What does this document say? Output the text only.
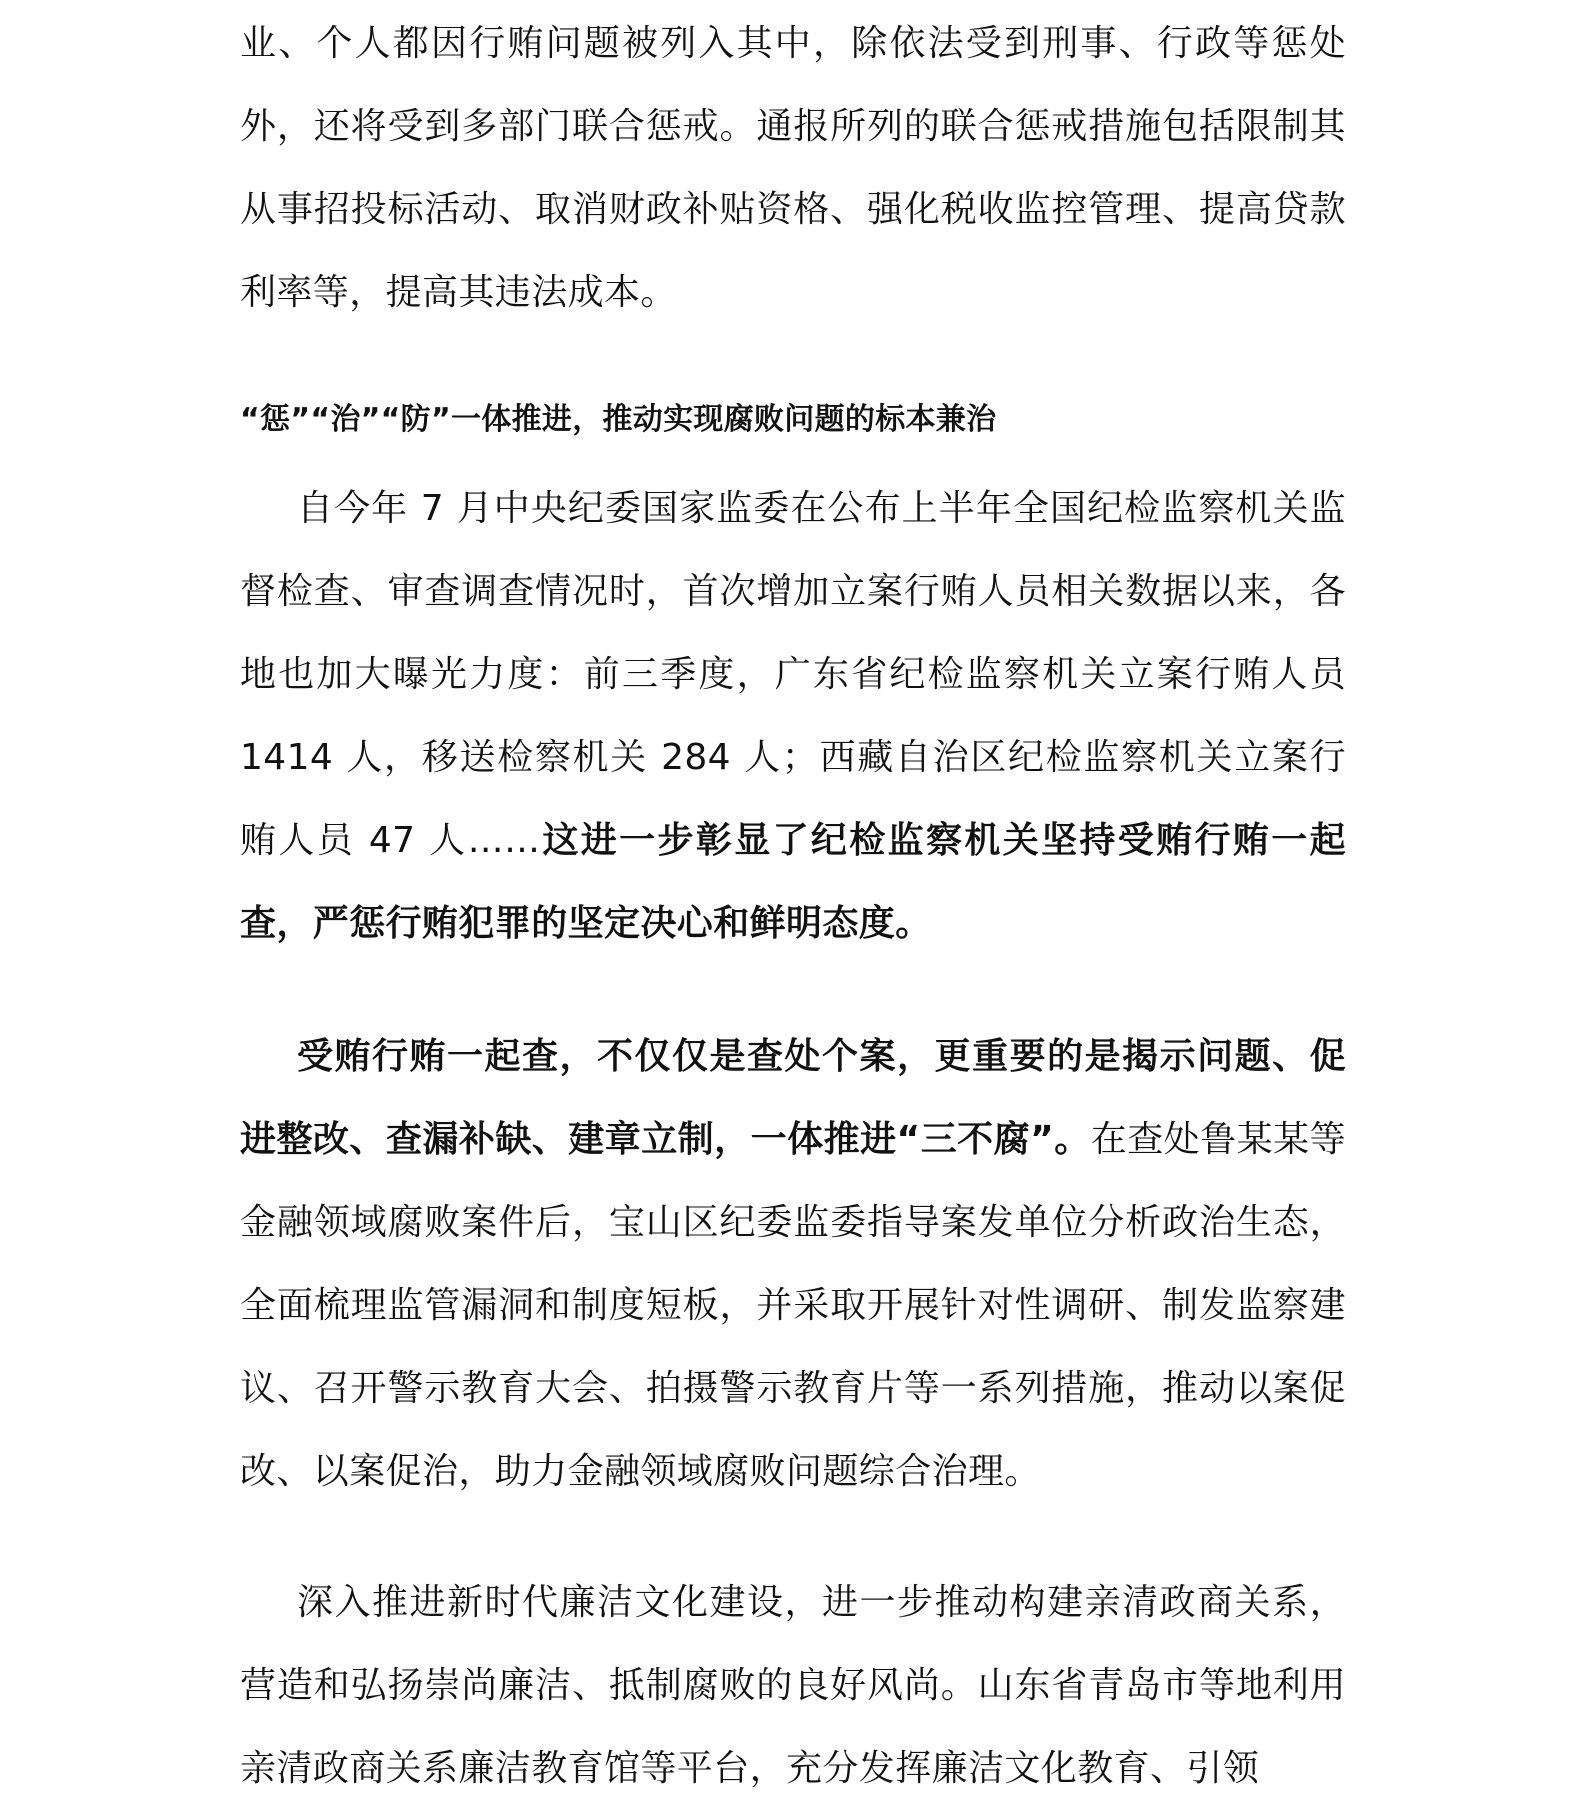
业、个人都因行贿问题被列入其中，除依法受到刑事、行政等惩处外，还将受到多部门联合惩戒。通报所列的联合惩戒措施包括限制其从事招投标活动、取消财政补贴资格、强化税收监控管理、提高贷款利率等，提高其违法成本。

“惩”“治”“防”一体推进，推动实现腐败问题的标本兼治

自今年 7 月中央纪委国家监委在公布上半年全国纪检监察机关监督检查、审查调查情况时，首次增加立案行贿人员相关数据以来，各地也加大曝光力度：前三季度，广东省纪检监察机关立案行贿人员 1414 人，移送检察机关 284 人；西藏自治区纪检监察机关立案行贿人员 47 人……这进一步彰显了纪检监察机关坚持受贿行贿一起查，严惩行贿犯罪的坚定决心和鲜明态度。

受贿行贿一起查，不仅仅是查处个案，更重要的是揭示问题、促进整改、查漏补缺、建章立制，一体推进“三不腐”。在查处鲁某某等金融领域腐败案件后，宝山区纪委监委指导案发单位分析政治生态，全面梳理监管漏洞和制度短板，并采取开展针对性调研、制发监察建议、召开警示教育大会、拍摄警示教育片等一系列措施，推动以案促改、以案促治，助力金融领域腐败问题综合治理。

深入推进新时代廉洁文化建设，进一步推动构建亲清政商关系，营造和弘扬崇尚廉洁、抵制腐败的良好风尚。山东省青岛市等地利用亲清政商关系廉洁教育馆等平台，充分发挥廉洁文化教育、引领
